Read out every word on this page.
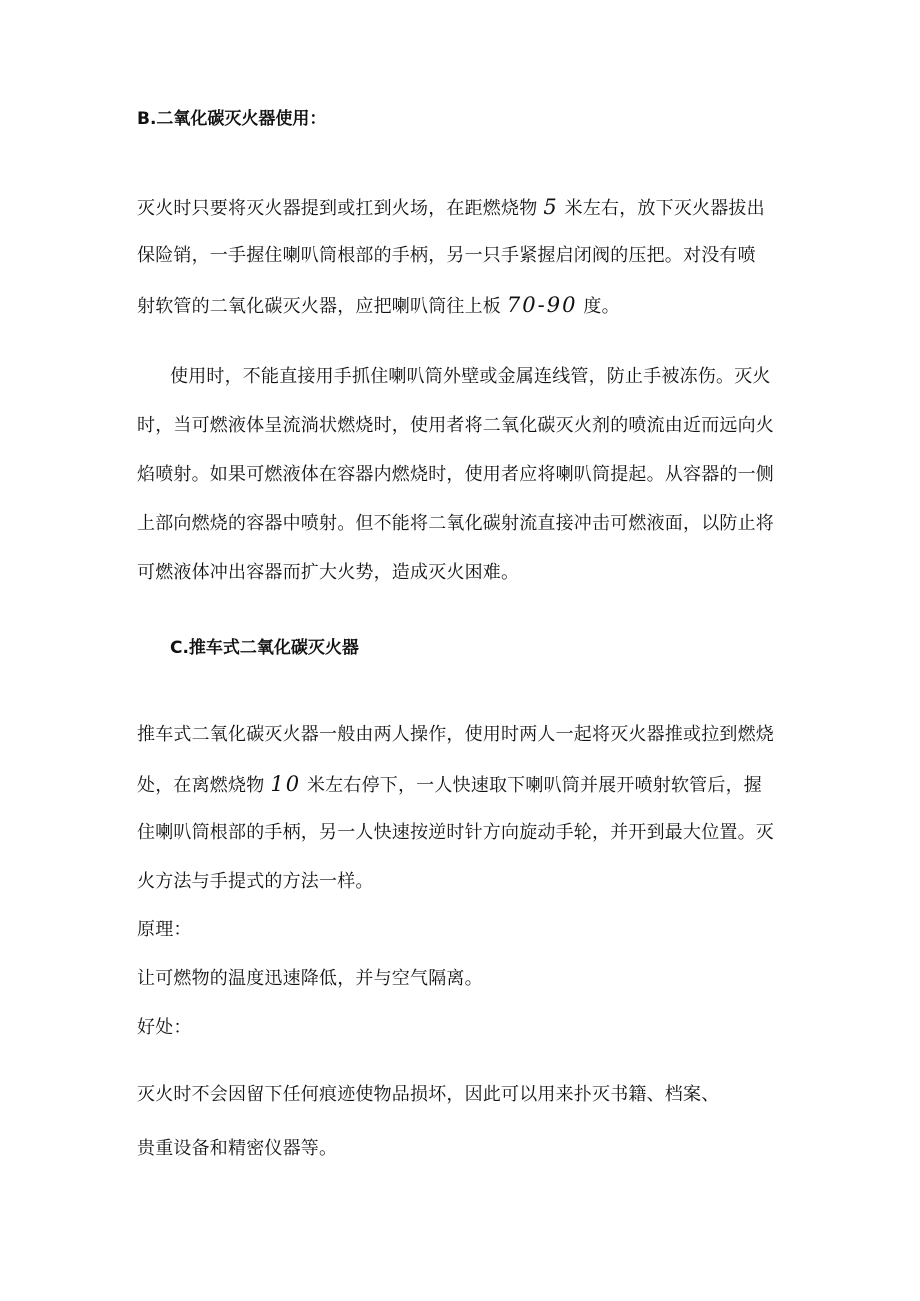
B.二氧化碳灭火器使用：
灭火时只要将灭火器提到或扛到火场，在距燃烧物 5 米左右，放下灭火器拔出
保险销，一手握住喇叭筒根部的手柄，另一只手紧握启闭阀的压把。对没有喷
射软管的二氧化碳灭火器，应把喇叭筒往上板 70-90 度。
使用时，不能直接用手抓住喇叭筒外壁或金属连线管，防止手被冻伤。灭火
时，当可燃液体呈流淌状燃烧时，使用者将二氧化碳灭火剂的喷流由近而远向火
焰喷射。如果可燃液体在容器内燃烧时，使用者应将喇叭筒提起。从容器的一侧
上部向燃烧的容器中喷射。但不能将二氧化碳射流直接冲击可燃液面，以防止将
可燃液体冲出容器而扩大火势，造成灭火困难。
C.推车式二氧化碳灭火器
推车式二氧化碳灭火器一般由两人操作，使用时两人一起将灭火器推或拉到燃烧
处，在离燃烧物 10 米左右停下，一人快速取下喇叭筒并展开喷射软管后，握
住喇叭筒根部的手柄，另一人快速按逆时针方向旋动手轮，并开到最大位置。灭
火方法与手提式的方法一样。
原理：
让可燃物的温度迅速降低，并与空气隔离。
好处：
灭火时不会因留下任何痕迹使物品损坏，因此可以用来扑灭书籍、档案、
贵重设备和精密仪器等。
